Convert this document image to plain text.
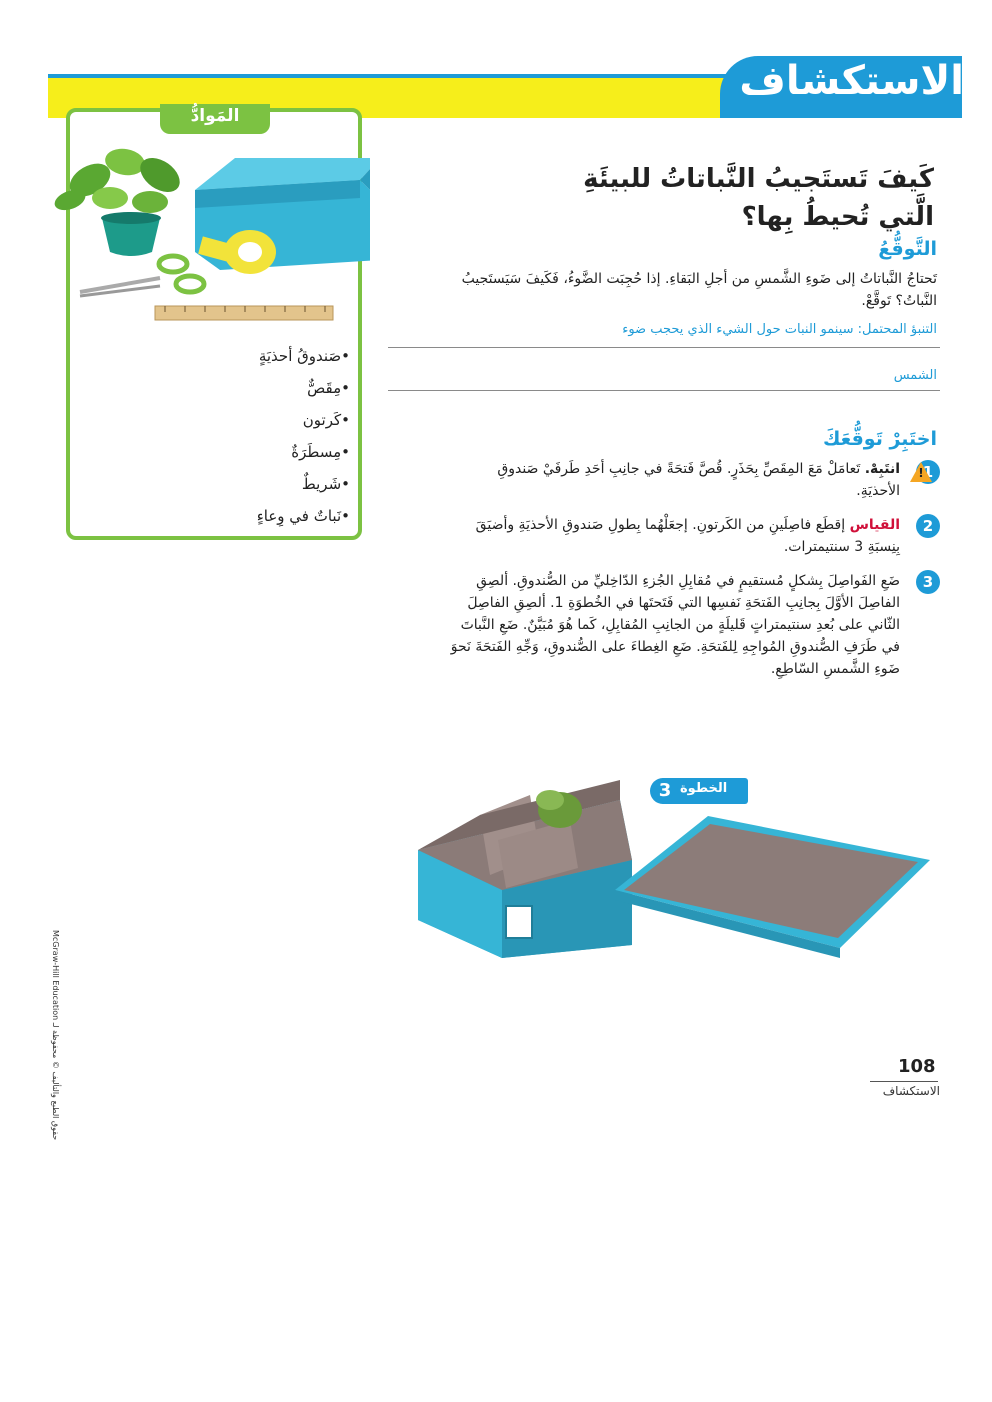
الاستكشاف
المَوادُّ
•صَندوقُ أحذيَةٍ
•مِقَصٌّ
•كَرتون
•مِسطَرَةٌ
•شَريطٌ
•نَباتٌ في وِعاءٍ
كَيفَ تَستَجيبُ النَّباتاتُ للبيئَةِ
الَّتي تُحيطُ بِها؟
التَّوقُّعُ
تَحتاجُ النَّباتاتُ إلى ضَوءِ الشَّمسِ من أجلِ البَقاءِ. إذا حُجِبَت الضَّوءُ، فَكَيفَ سَيَستَجيبُ النَّباتُ؟ تَوقَّعْ.
التنبؤ المحتمل: سينمو النبات حول الشيء الذي يحجب ضوء
الشمس
اختَبِرْ تَوقُّعَكَ
1
!
انتَبِهْ. تَعامَلْ مَعَ المِقَصِّ بِحَذَرٍ. قُصَّ فَتحَةً في جانِبِ أحَدِ طَرفَيْ صَندوقِ الأحذيَةِ.
2
القياس إقطَع فاصِلَينِ من الكَرتونِ. إجعَلْهُما بِطولِ صَندوقِ الأحذيَةِ وأضيَقَ بِنِسبَةِ 3 سنتيمترات.
3
ضَعِ الفَواصِلَ بِشكلٍ مُستقيمٍ في مُقابِلِ الجُزءِ الدّاخِليِّ من الصُّندوقِ. ألصِقِ الفاصِلَ الأوَّلَ بِجانِبِ الفَتحَةِ نَفسِها التي فَتَحتَها في الخُطوَةِ 1. ألصِقِ الفاصِلَ الثّاني على بُعدِ سنتيمتراتٍ قَليلَةٍ من الجانِبِ المُقابِلِ، كَما هُوَ مُبَيَّنٌ. ضَعِ النَّباتَ في طَرَفِ الصُّندوقِ المُواجِهِ لِلفَتحَةِ. ضَعِ الغِطاءَ على الصُّندوقِ، وَجِّهِ الفَتحَةَ نَحوَ ضَوءِ الشَّمسِ السّاطِعِ.
3 الخطوة
McGraw-Hill Education حقوق الطبع والتأليف © محفوظة لـ	108
الاستكشاف
